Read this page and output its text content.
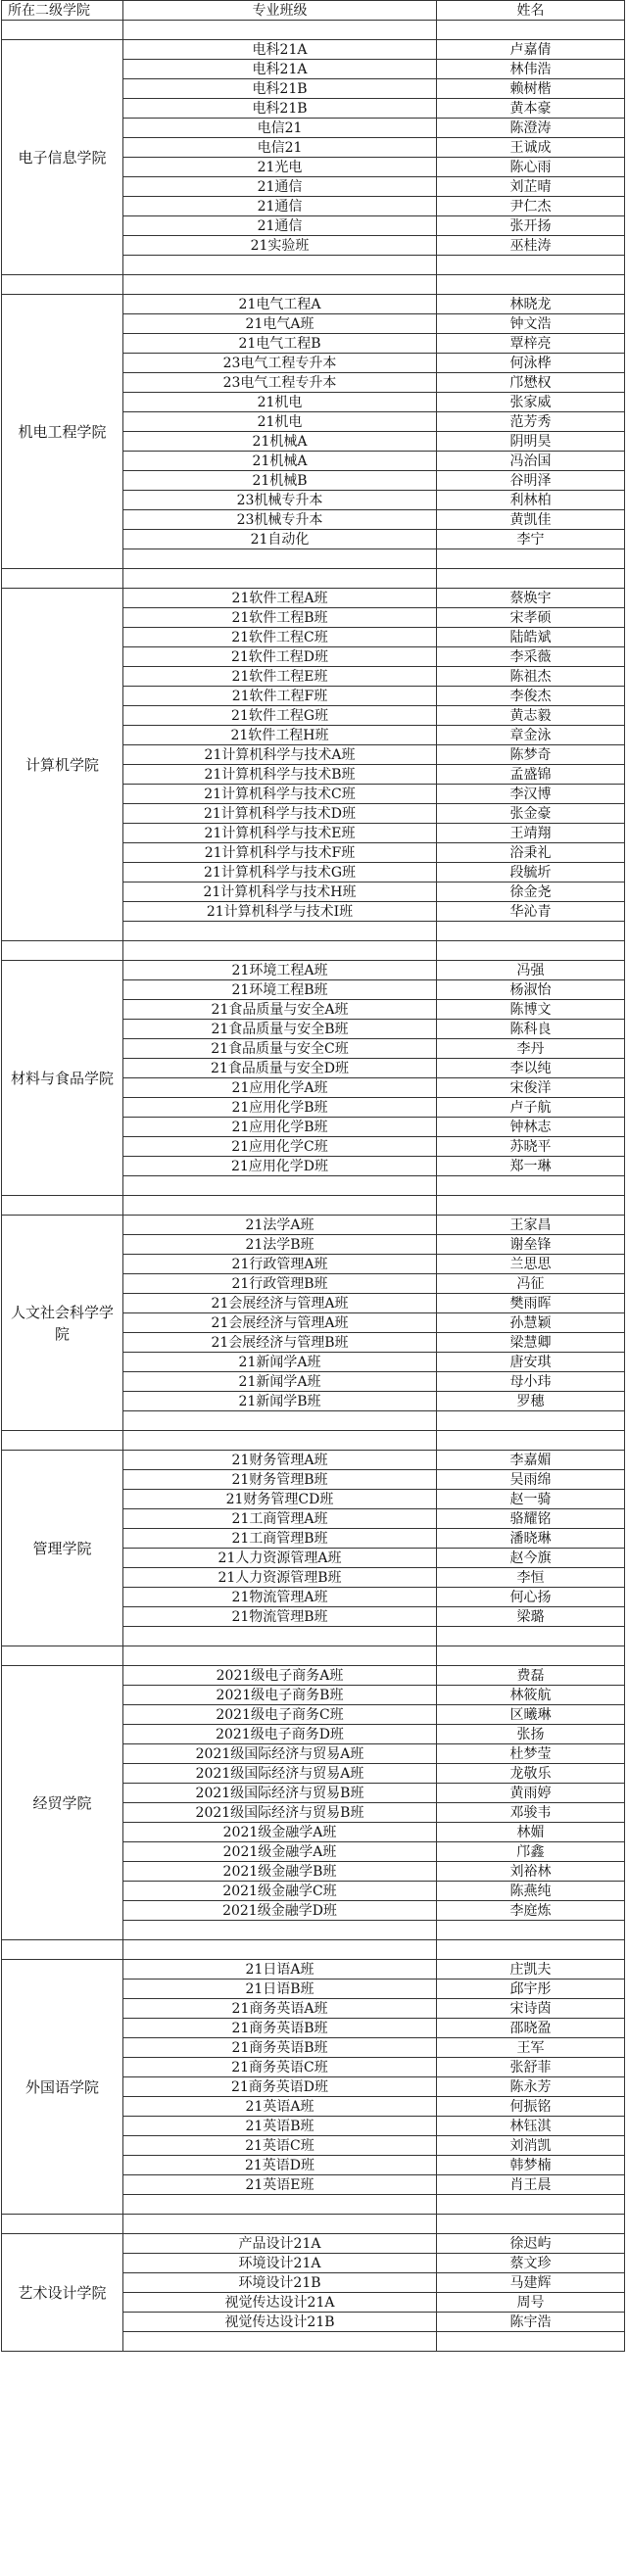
所在二级学院	专业班级	姓名

电子信息学院	电科21A	卢嘉倩
	电科21A	林伟浩
	电科21B	赖树楷
	电科21B	黄本豪
	电信21	陈澄涛
	电信21	王诚成
	21光电	陈心雨
	21通信	刘芷晴
	21通信	尹仁杰
	21通信	张开扬
	21实验班	巫桂涛

机电工程学院	21电气工程A	林晓龙
	21电气A班	钟文浩
	21电气工程B	覃梓亮
	23电气工程专升本	何泳桦
	23电气工程专升本	邝懋权
	21机电	张家威
	21机电	范芳秀
	21机械A	阴明昊
	21机械A	冯治国
	21机械B	谷明泽
	23机械专升本	利林柏
	23机械专升本	黄凯佳
	21自动化	李宁

计算机学院	21软件工程A班	蔡焕宇
	21软件工程B班	宋孝硕
	21软件工程C班	陆皓斌
	21软件工程D班	李采薇
	21软件工程E班	陈祖杰
	21软件工程F班	李俊杰
	21软件工程G班	黄志毅
	21软件工程H班	章金泳
	21计算机科学与技术A班	陈梦奇
	21计算机科学与技术B班	孟盛锦
	21计算机科学与技术C班	李汉博
	21计算机科学与技术D班	张金豪
	21计算机科学与技术E班	王靖翔
	21计算机科学与技术F班	浴秉礼
	21计算机科学与技术G班	段毓圻
	21计算机科学与技术H班	徐金尧
	21计算机科学与技术I班	华沁青

材料与食品学院	21环境工程A班	冯强
	21环境工程B班	杨淑怡
	21食品质量与安全A班	陈博文
	21食品质量与安全B班	陈科良
	21食品质量与安全C班	李丹
	21食品质量与安全D班	李以纯
	21应用化学A班	宋俊洋
	21应用化学B班	卢子航
	21应用化学B班	钟林志
	21应用化学C班	苏晓平
	21应用化学D班	郑一琳

人文社会科学学院	21法学A班	王家昌
	21法学B班	谢垒锋
	21行政管理A班	兰思思
	21行政管理B班	冯征
	21会展经济与管理A班	樊雨晖
	21会展经济与管理A班	孙慧颖
	21会展经济与管理B班	梁慧卿
	21新闻学A班	唐安琪
	21新闻学A班	母小玮
	21新闻学B班	罗穗

管理学院	21财务管理A班	李嘉媚
	21财务管理B班	吴雨绵
	21财务管理CD班	赵一骑
	21工商管理A班	骆耀铭
	21工商管理B班	潘晓琳
	21人力资源管理A班	赵今旗
	21人力资源管理B班	李恒
	21物流管理A班	何心扬
	21物流管理B班	梁璐

经贸学院	2021级电子商务A班	费磊
	2021级电子商务B班	林筱航
	2021级电子商务C班	区曦琳
	2021级电子商务D班	张扬
	2021级国际经济与贸易A班	杜梦莹
	2021级国际经济与贸易A班	龙敬乐
	2021级国际经济与贸易B班	黄雨婷
	2021级国际经济与贸易B班	邓骏韦
	2021级金融学A班	林媚
	2021级金融学A班	邝鑫
	2021级金融学B班	刘裕林
	2021级金融学C班	陈燕纯
	2021级金融学D班	李庭炼

外国语学院	21日语A班	庄凯夫
	21日语B班	邱宇彤
	21商务英语A班	宋诗茵
	21商务英语B班	邵晓盈
	21商务英语B班	王军
	21商务英语C班	张舒菲
	21商务英语D班	陈永芳
	21英语A班	何振铭
	21英语B班	林钰淇
	21英语C班	刘消凯
	21英语D班	韩梦楠
	21英语E班	肖王晨

艺术设计学院	产品设计21A	徐迟屿
	环境设计21A	蔡文珍
	环境设计21B	马建辉
	视觉传达设计21A	周号
	视觉传达设计21B	陈宇浩
